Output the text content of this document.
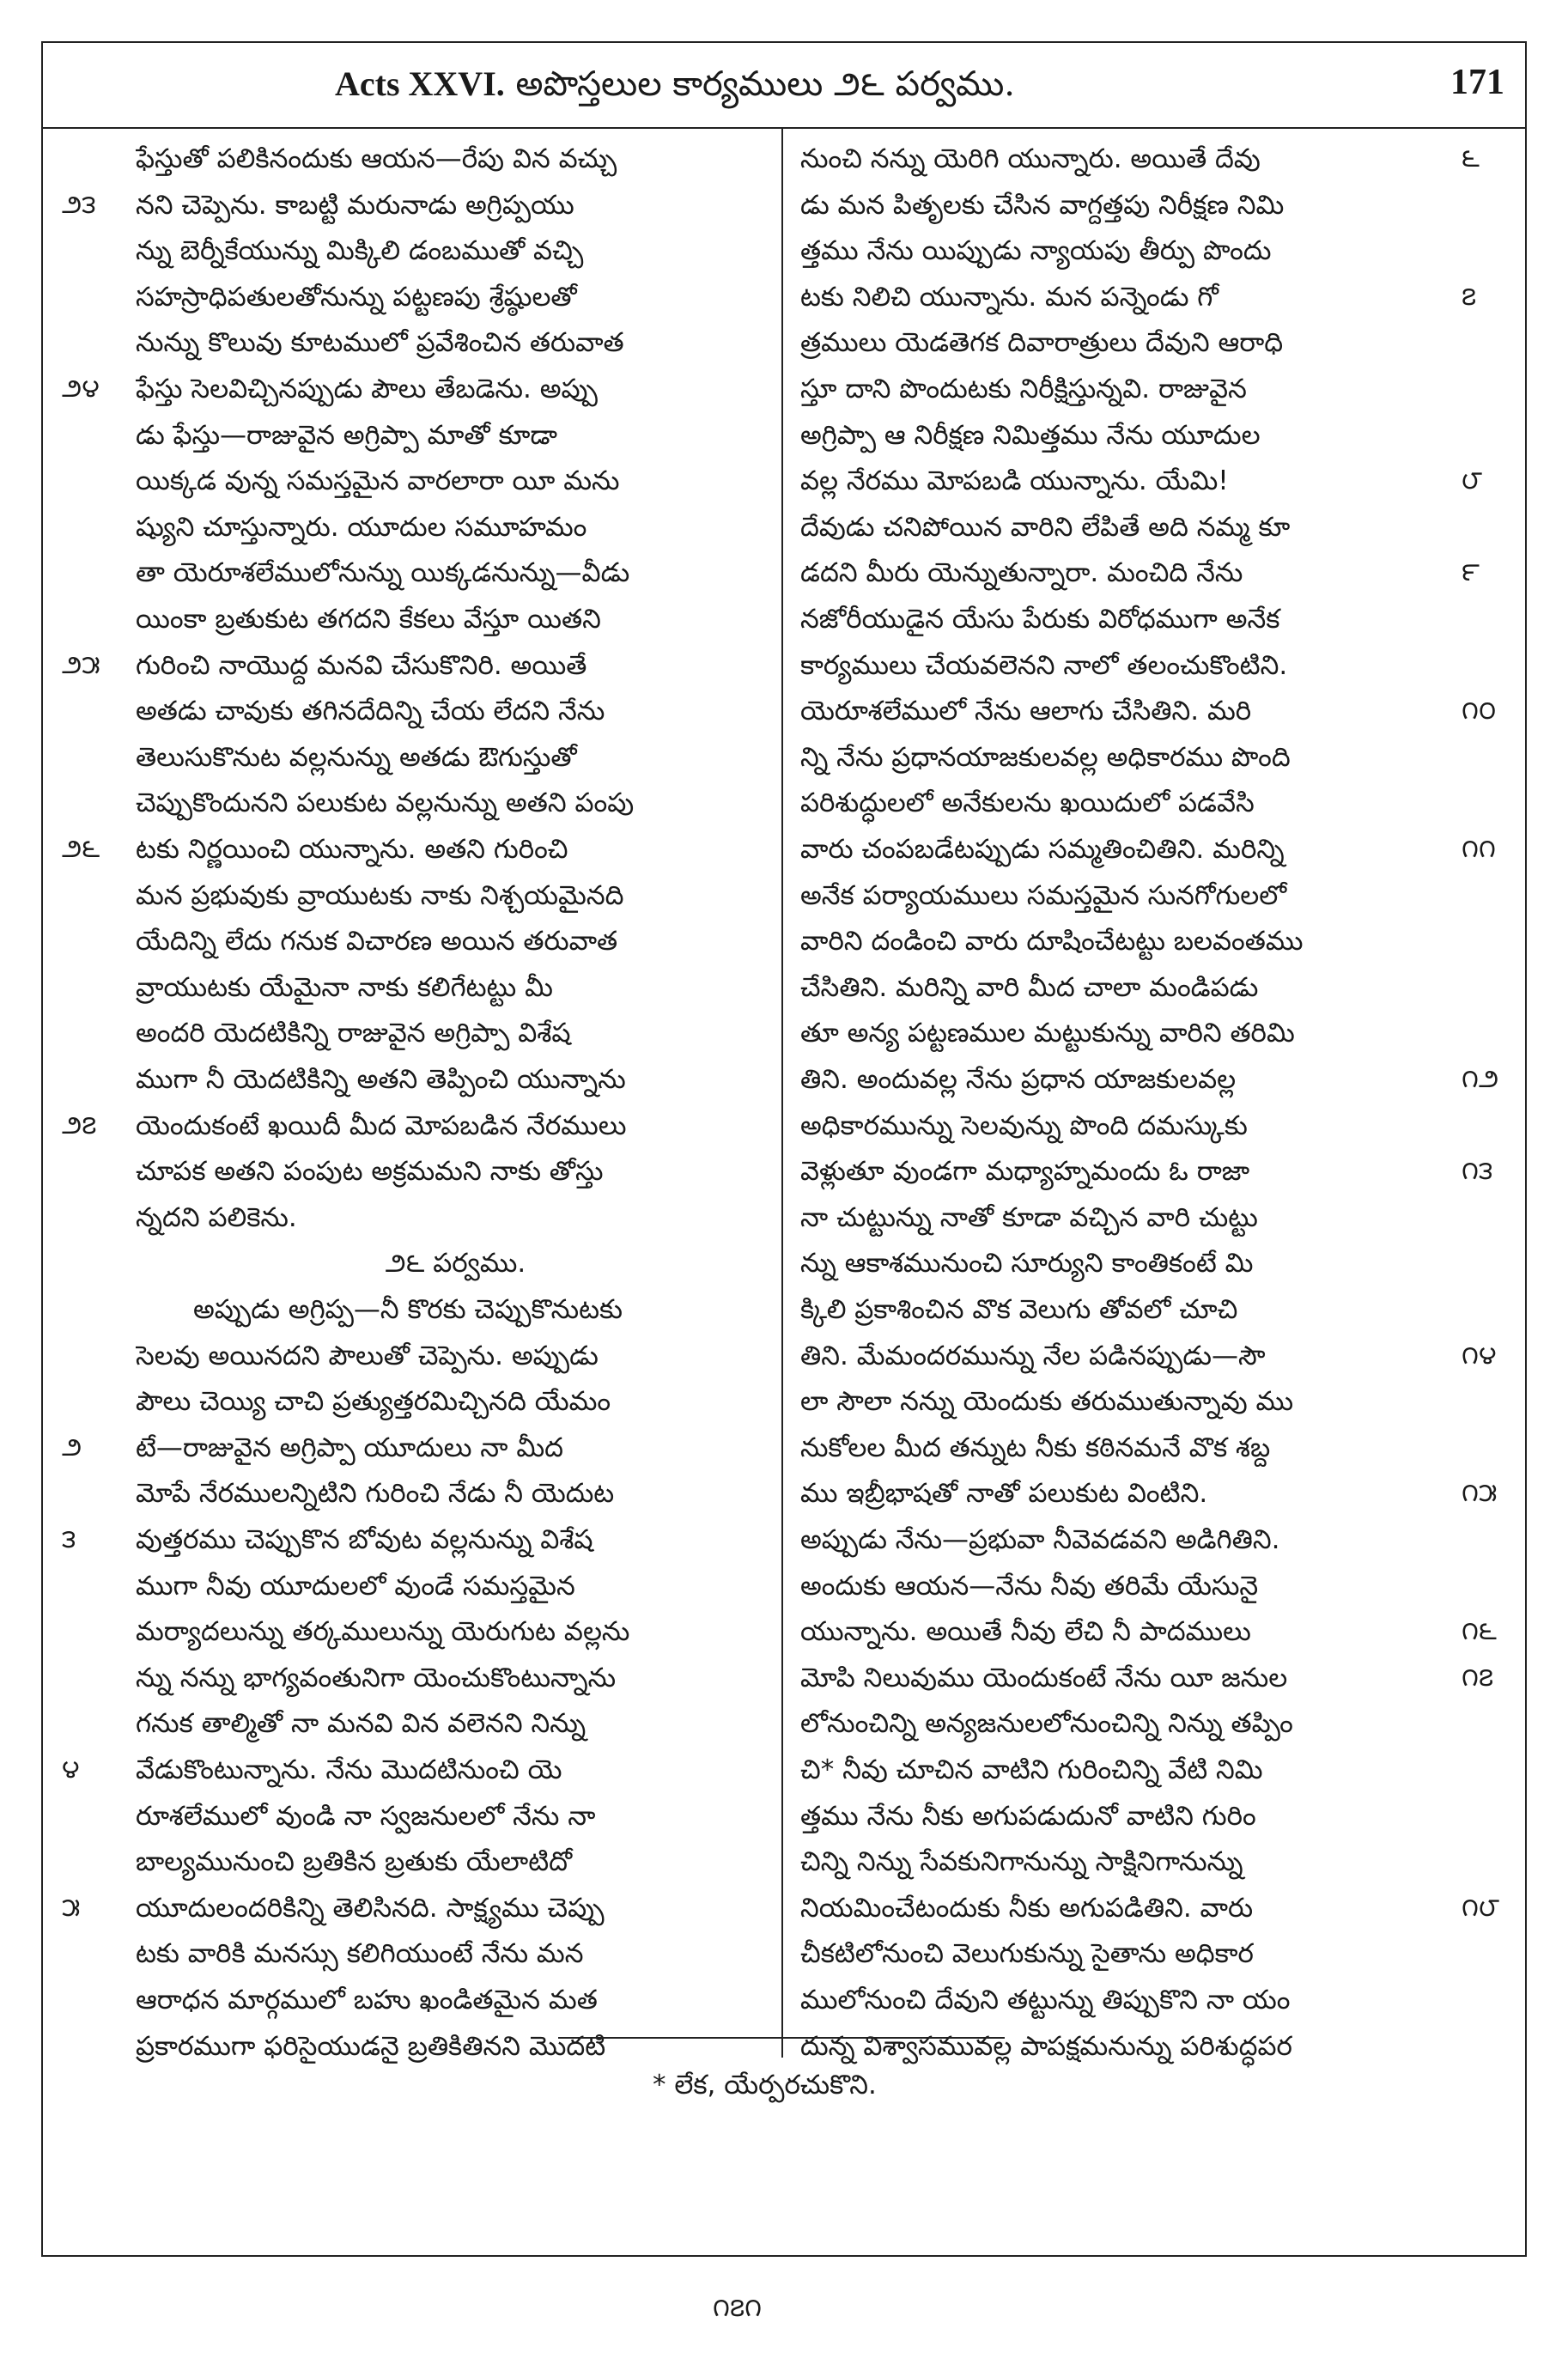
Acts XXVI. అపొస్తలుల కార్యములు ౨౬ పర్వము.	171
ఫేస్తుతో పలికినందుకు ఆయన—రేపు విన వచ్చు
౨౩	నని చెప్పెను. కాబట్టి మరునాడు అగ్రిప్పయు
న్ను బెర్నీకేయున్ను మిక్కిలి డంబముతో వచ్చి
సహస్రాధిపతులతోనున్ను పట్టణపు శ్రేష్ఠులతో
నున్ను కొలువు కూటములో ప్రవేశించిన తరువాత
౨౪	ఫేస్తు సెలవిచ్చినప్పుడు పౌలు తేబడెను. అప్పు
డు ఫేస్తు—రాజువైన అగ్రిప్పా మాతో కూడా
యిక్కడ వున్న సమస్తమైన వారలారా యీ మను
ష్యుని చూస్తున్నారు. యూదుల సమూహమం
తా యెరూశలేములోనున్ను యిక్కడనున్ను—వీడు
యింకా బ్రతుకుట తగదని కేకలు వేస్తూ యితని
౨౫	గురించి నాయొద్ద మనవి చేసుకొనిరి. అయితే
అతడు చావుకు తగినదేదిన్ని చేయ లేదని నేను
తెలుసుకొనుట వల్లనున్ను అతడు ఔగుస్తుతో
చెప్పుకొందునని పలుకుట వల్లనున్ను అతని పంపు
౨౬	టకు నిర్ణయించి యున్నాను. అతని గురించి
మన ప్రభువుకు వ్రాయుటకు నాకు నిశ్చయమైనది
యేదిన్ని లేదు గనుక విచారణ అయిన తరువాత
వ్రాయుటకు యేమైనా నాకు కలిగేటట్టు మీ
అందరి యెదటికిన్ని రాజువైన అగ్రిప్పా విశేష
ముగా నీ యెదటికిన్ని అతని తెప్పించి యున్నాను
౨౭	యెందుకంటే ఖయిదీ మీద మోపబడిన నేరములు
చూపక అతని పంపుట అక్రమమని నాకు తోస్తు
న్నదని పలికెను.
౨౬ పర్వము.
అప్పుడు అగ్రిప్ప—నీ కొరకు చెప్పుకొనుటకు
సెలవు అయినదని పౌలుతో చెప్పెను. అప్పుడు
పౌలు చెయ్యి చాచి ప్రత్యుత్తరమిచ్చినది యేమం
౨	టే—రాజువైన అగ్రిప్పా యూదులు నా మీద
మోపే నేరములన్నిటిని గురించి నేడు నీ యెదుట
౩	వుత్తరము చెప్పుకొన బోవుట వల్లనున్ను విశేష
ముగా నీవు యూదులలో వుండే సమస్తమైన
మర్యాదలున్ను తర్కములున్ను యెరుగుట వల్లను
న్ను నన్ను భాగ్యవంతునిగా యెంచుకొంటున్నాను
గనుక తాల్మితో నా మనవి విన వలెనని నిన్ను
౪	వేడుకొంటున్నాను. నేను మొదటినుంచి యె
రూశలేములో వుండి నా స్వజనులలో నేను నా
బాల్యమునుంచి బ్రతికిన బ్రతుకు యేలాటిదో
౫	యూదులందరికిన్ని తెలిసినది. సాక్ష్యము చెప్పు
టకు వారికి మనస్సు కలిగియుంటే నేను మన
ఆరాధన మార్గములో బహు ఖండితమైన మత
ప్రకారముగా ఫరిసైయుడనై బ్రతికితినని మొదటి
౬
నుంచి నన్ను యెరిగి యున్నారు. అయితే దేవు
డు మన పితృలకు చేసిన వాగ్దత్తపు నిరీక్షణ నిమి
త్తము నేను యిప్పుడు న్యాయపు తీర్పు పొందు
౭
టకు నిలిచి యున్నాను. మన పన్నెండు గో
త్రములు యెడతెగక దివారాత్రులు దేవుని ఆరాధి
స్తూ దాని పొందుటకు నిరీక్షిస్తున్నవి. రాజువైన
అగ్రిప్పా ఆ నిరీక్షణ నిమిత్తము నేను యూదుల
౮
వల్ల నేరము మోపబడి యున్నాను. యేమి!
దేవుడు చనిపోయిన వారిని లేపితే అది నమ్మ కూ
౯
డదని మీరు యెన్నుతున్నారా. మంచిది నేను
నజోరీయుడైన యేసు పేరుకు విరోధముగా అనేక
కార్యములు చేయవలెనని నాలో తలంచుకొంటిని.
౧౦
యెరూశలేములో నేను ఆలాగు చేసితిని. మరి
న్ని నేను ప్రధానయాజకులవల్ల అధికారము పొంది
పరిశుద్ధులలో అనేకులను ఖయిదులో పడవేసి
౧౧
వారు చంపబడేటప్పుడు సమ్మతించితిని. మరిన్ని
అనేక పర్యాయములు సమస్తమైన సునగోగులలో
వారిని దండించి వారు దూషించేటట్టు బలవంతము
చేసితిని. మరిన్ని వారి మీద చాలా మండిపడు
తూ అన్య పట్టణముల మట్టుకున్ను వారిని తరిమి
౧౨
తిని. అందువల్ల నేను ప్రధాన యాజకులవల్ల
అధికారమున్ను సెలవున్ను పొంది దమస్కుకు
౧౩
వెళ్లుతూ వుండగా మధ్యాహ్నమందు ఓ రాజా
నా చుట్టున్ను నాతో కూడా వచ్చిన వారి చుట్టు
న్ను ఆకాశమునుంచి సూర్యుని కాంతికంటే మి
క్కిలి ప్రకాశించిన వొక వెలుగు తోవలో చూచి
౧౪
తిని. మేమందరమున్ను నేల పడినప్పుడు—సౌ
లా సౌలా నన్ను యెందుకు తరుముతున్నావు ము
నుకోలల మీద తన్నుట నీకు కఠినమనే వొక శబ్ద
౧౫
ము ఇబ్రీభాషతో నాతో పలుకుట వింటిని.
అప్పుడు నేను—ప్రభువా నీవెవడవని అడిగితిని.
అందుకు ఆయన—నేను నీవు తరిమే యేసునై
౧౬
యున్నాను. అయితే నీవు లేచి నీ పాదములు
౧౭
మోపి నిలువుము యెందుకంటే నేను యీ జనుల
లోనుంచిన్ని అన్యజనులలోనుంచిన్ని నిన్ను తప్పిం
చి* నీవు చూచిన వాటిని గురించిన్ని వేటి నిమి
త్తము నేను నీకు అగుపడుదునో వాటిని గురిం
చిన్ని నిన్ను సేవకునిగానున్ను సాక్షినిగానున్ను
౧౮
నియమించేటందుకు నీకు అగుపడితిని. వారు
చీకటిలోనుంచి వెలుగుకున్ను సైతాను అధికార
ములోనుంచి దేవుని తట్టున్ను తిప్పుకొని నా యం
దున్న విశ్వాసమువల్ల పాపక్షమనున్ను పరిశుద్ధపర
* లేక, యేర్పరచుకొని.
౧౭౧
